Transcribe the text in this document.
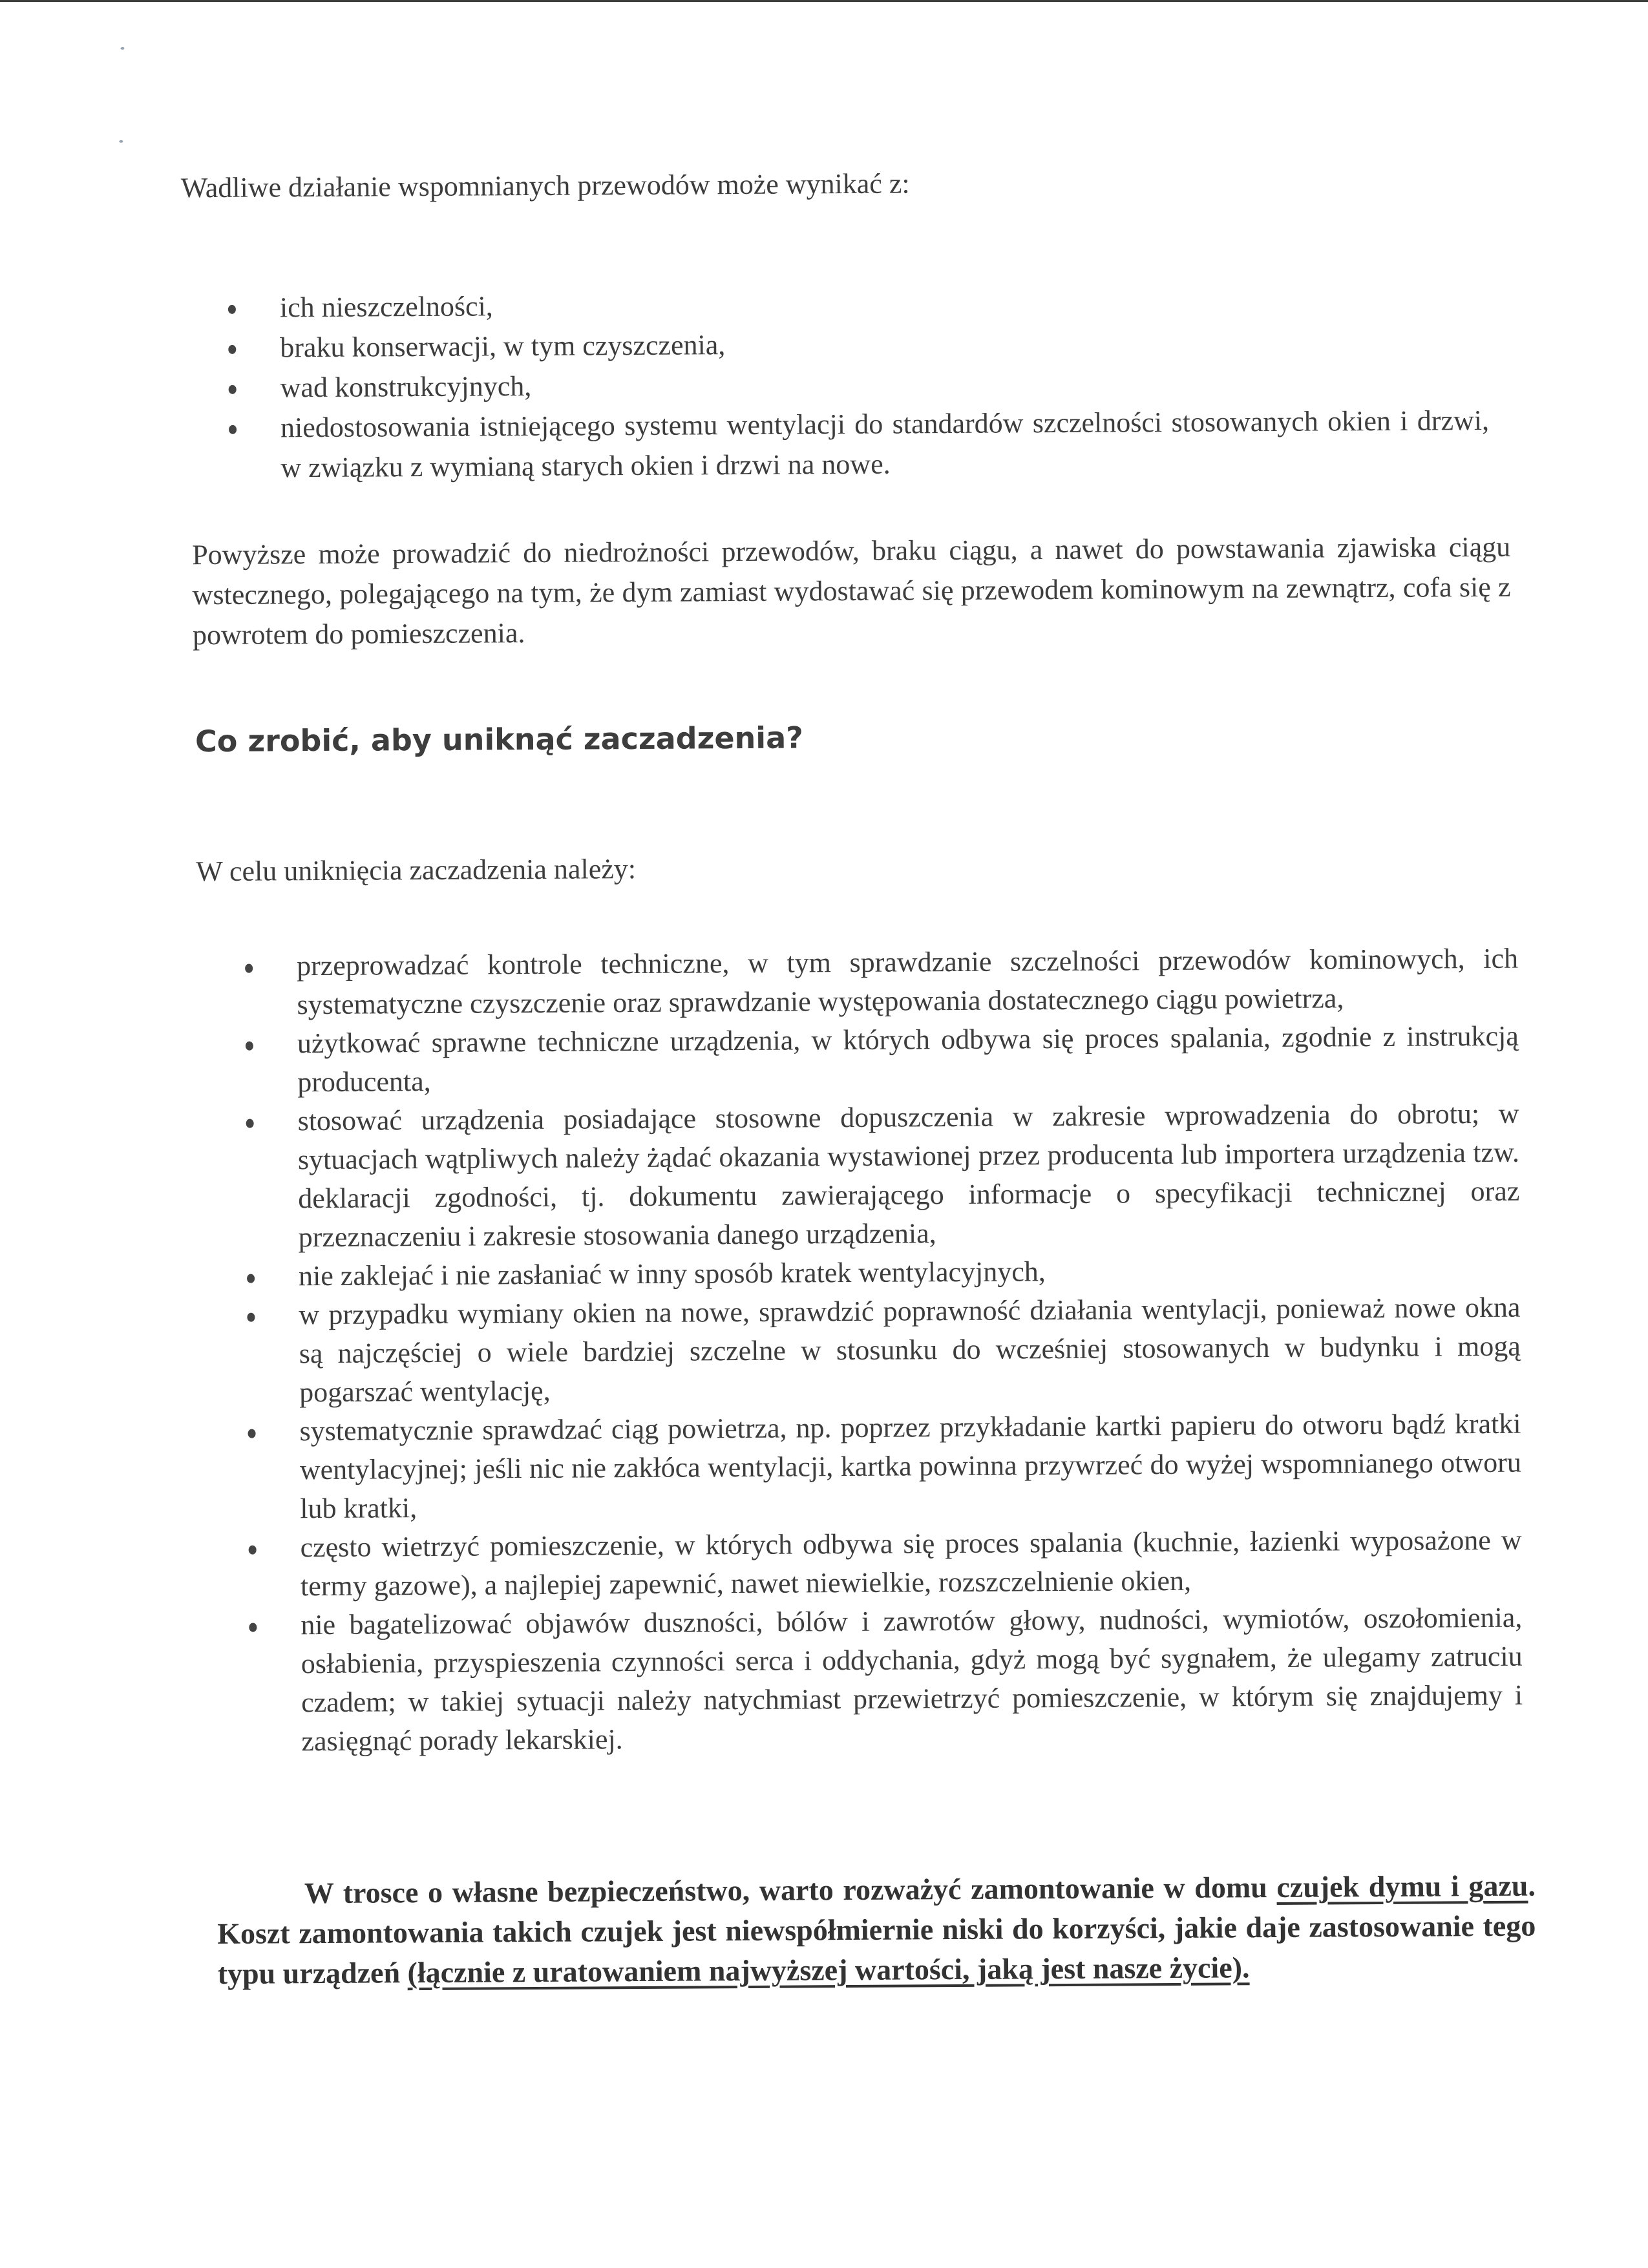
Wadliwe działanie wspomnianych przewodów może wynikać z:
ich nieszczelności,
braku konserwacji, w tym czyszczenia,
wad konstrukcyjnych,
niedostosowania istniejącego systemu wentylacji do standardów szczelności stosowanych okien i drzwi, w związku z wymianą starych okien i drzwi na nowe.
Powyższe może prowadzić do niedrożności przewodów, braku ciągu, a nawet do powstawania zjawiska ciągu wstecznego, polegającego na tym, że dym zamiast wydostawać się przewodem kominowym na zewnątrz, cofa się z powrotem do pomieszczenia.
Co zrobić, aby uniknąć zaczadzenia?
W celu uniknięcia zaczadzenia należy:
przeprowadzać kontrole techniczne, w tym sprawdzanie szczelności przewodów kominowych, ich systematyczne czyszczenie oraz sprawdzanie występowania dostatecznego ciągu powietrza,
użytkować sprawne techniczne urządzenia, w których odbywa się proces spalania, zgodnie z instrukcją producenta,
stosować urządzenia posiadające stosowne dopuszczenia w zakresie wprowadzenia do obrotu; w sytuacjach wątpliwych należy żądać okazania wystawionej przez producenta lub importera urządzenia tzw. deklaracji zgodności, tj. dokumentu zawierającego informacje o specyfikacji technicznej oraz przeznaczeniu i zakresie stosowania danego urządzenia,
nie zaklejać i nie zasłaniać w inny sposób kratek wentylacyjnych,
w przypadku wymiany okien na nowe, sprawdzić poprawność działania wentylacji, ponieważ nowe okna są najczęściej o wiele bardziej szczelne w stosunku do wcześniej stosowanych w budynku i mogą pogarszać wentylację,
systematycznie sprawdzać ciąg powietrza, np. poprzez przykładanie kartki papieru do otworu bądź kratki wentylacyjnej; jeśli nic nie zakłóca wentylacji, kartka powinna przywrzeć do wyżej wspomnianego otworu lub kratki,
często wietrzyć pomieszczenie, w których odbywa się proces spalania (kuchnie, łazienki wyposażone w termy gazowe), a najlepiej zapewnić, nawet niewielkie, rozszczelnienie okien,
nie bagatelizować objawów duszności, bólów i zawrotów głowy, nudności, wymiotów, oszołomienia, osłabienia, przyspieszenia czynności serca i oddychania, gdyż mogą być sygnałem, że ulegamy zatruciu czadem; w takiej sytuacji należy natychmiast przewietrzyć pomieszczenie, w którym się znajdujemy i zasięgnąć porady lekarskiej.
W trosce o własne bezpieczeństwo, warto rozważyć zamontowanie w domu czujek dymu i gazu. Koszt zamontowania takich czujek jest niewspółmiernie niski do korzyści, jakie daje zastosowanie tego typu urządzeń (łącznie z uratowaniem najwyższej wartości, jaką jest nasze życie).
